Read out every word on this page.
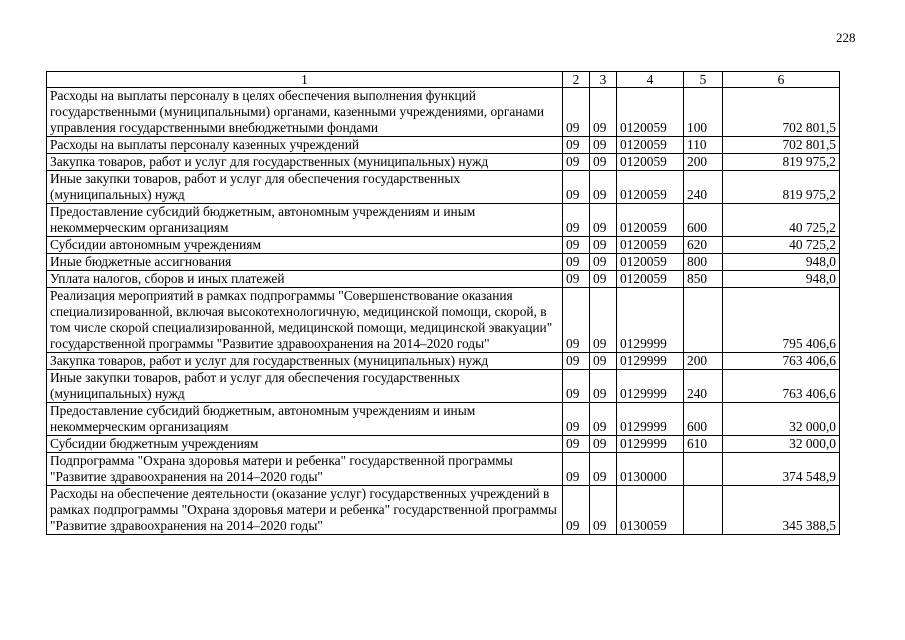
228
1	2	3	4	5	6
Расходы на выплаты персоналу в целях обеспечения выполнения функций государственными (муниципальными) органами, казенными учреждениями, органами управления государственными внебюджетными фондами	09	09	0120059	100	702 801,5
Расходы на выплаты персоналу казенных учреждений	09	09	0120059	110	702 801,5
Закупка товаров, работ и услуг для государственных (муниципальных) нужд	09	09	0120059	200	819 975,2
Иные закупки товаров, работ и услуг для обеспечения государственных (муниципальных) нужд	09	09	0120059	240	819 975,2
Предоставление субсидий бюджетным, автономным учреждениям и иным некоммерческим организациям	09	09	0120059	600	40 725,2
Субсидии автономным учреждениям	09	09	0120059	620	40 725,2
Иные бюджетные ассигнования	09	09	0120059	800	948,0
Уплата налогов, сборов и иных платежей	09	09	0120059	850	948,0
Реализация мероприятий в рамках подпрограммы "Совершенствование оказания специализированной, включая высокотехнологичную, медицинской помощи, скорой, в том числе скорой специализированной, медицинской помощи, медицинской эвакуации" государственной программы "Развитие здравоохранения на 2014–2020 годы"	09	09	0129999		795 406,6
Закупка товаров, работ и услуг для государственных (муниципальных) нужд	09	09	0129999	200	763 406,6
Иные закупки товаров, работ и услуг для обеспечения государственных (муниципальных) нужд	09	09	0129999	240	763 406,6
Предоставление субсидий бюджетным, автономным учреждениям и иным некоммерческим организациям	09	09	0129999	600	32 000,0
Субсидии бюджетным учреждениям	09	09	0129999	610	32 000,0
Подпрограмма "Охрана здоровья матери и ребенка" государственной программы "Развитие здравоохранения на 2014–2020 годы"	09	09	0130000		374 548,9
Расходы на обеспечение деятельности (оказание услуг) государственных учреждений в рамках подпрограммы "Охрана здоровья матери и ребенка" государственной программы "Развитие здравоохранения на 2014–2020 годы"	09	09	0130059		345 388,5
